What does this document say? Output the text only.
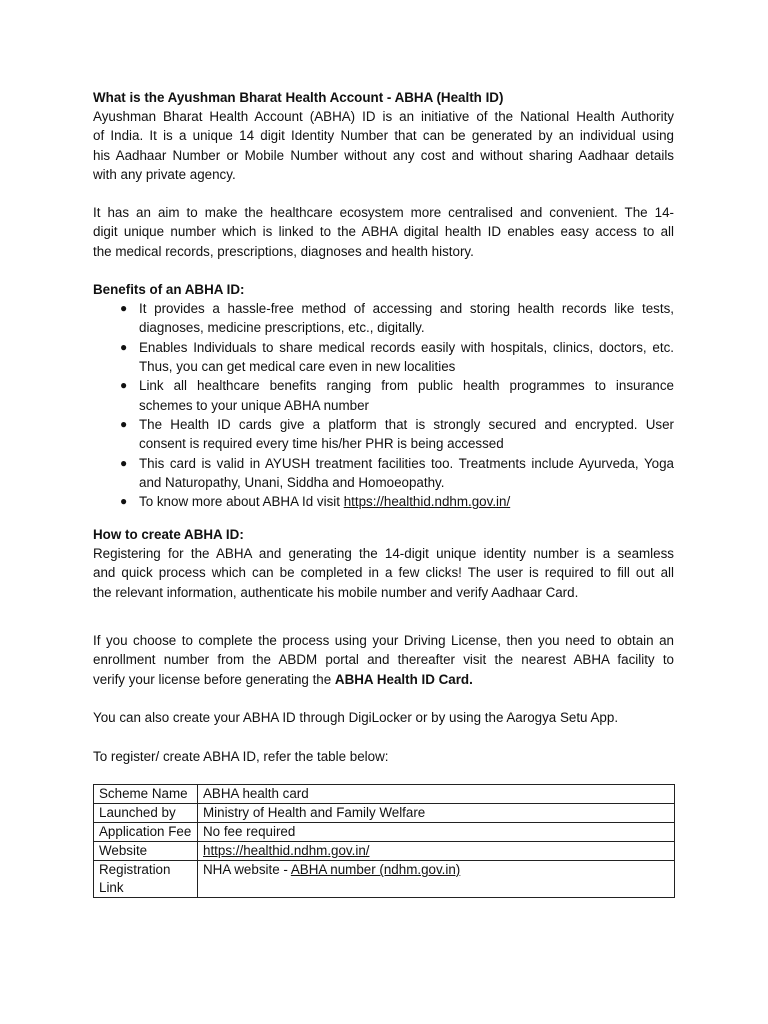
What is the Ayushman Bharat Health Account - ABHA (Health ID)
Ayushman Bharat Health Account (ABHA) ID is an initiative of the National Health Authority
of India. It is a unique 14 digit Identity Number that can be generated by an individual using
his Aadhaar Number or Mobile Number without any cost and without sharing Aadhaar details
with any private agency.
It has an aim to make the healthcare ecosystem more centralised and convenient. The 14-
digit unique number which is linked to the ABHA digital health ID enables easy access to all
the medical records, prescriptions, diagnoses and health history.
Benefits of an ABHA ID:
● It provides a hassle-free method of accessing and storing health records like tests,
diagnoses, medicine prescriptions, etc., digitally.
● Enables Individuals to share medical records easily with hospitals, clinics, doctors, etc.
Thus, you can get medical care even in new localities
● Link all healthcare benefits ranging from public health programmes to insurance
schemes to your unique ABHA number
● The Health ID cards give a platform that is strongly secured and encrypted. User
consent is required every time his/her PHR is being accessed
● This card is valid in AYUSH treatment facilities too. Treatments include Ayurveda, Yoga
and Naturopathy, Unani, Siddha and Homoeopathy.
● To know more about ABHA Id visit https://healthid.ndhm.gov.in/
How to create ABHA ID:
Registering for the ABHA and generating the 14-digit unique identity number is a seamless
and quick process which can be completed in a few clicks! The user is required to fill out all
the relevant information, authenticate his mobile number and verify Aadhaar Card.
If you choose to complete the process using your Driving License, then you need to obtain an
enrollment number from the ABDM portal and thereafter visit the nearest ABHA facility to
verify your license before generating the ABHA Health ID Card.
You can also create your ABHA ID through DigiLocker or by using the Aarogya Setu App.
To register/ create ABHA ID, refer the table below:
Scheme Name	ABHA health card
Launched by	Ministry of Health and Family Welfare
Application Fee	No fee required
Website	https://healthid.ndhm.gov.in/
Registration Link	NHA website - ABHA number (ndhm.gov.in)
